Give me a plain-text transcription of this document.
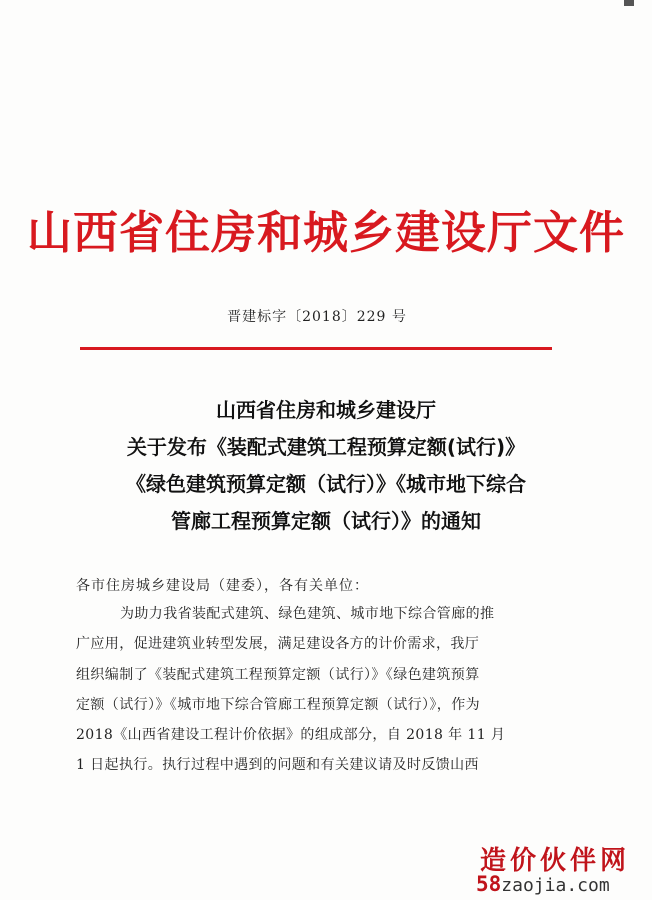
山西省住房和城乡建设厅文件
晋建标字〔2018〕229 号
山西省住房和城乡建设厅
关于发布《装配式建筑工程预算定额(试行)》
《绿色建筑预算定额（试行）》《城市地下综合
管廊工程预算定额（试行）》的通知
各市住房城乡建设局（建委），各有关单位：
为助力我省装配式建筑、绿色建筑、城市地下综合管廊的推
广应用，促进建筑业转型发展，满足建设各方的计价需求，我厅
组织编制了《装配式建筑工程预算定额（试行）》《绿色建筑预算
定额（试行）》《城市地下综合管廊工程预算定额（试行）》，作为
2018《山西省建设工程计价依据》的组成部分，自 2018 年 11 月
1 日起执行。执行过程中遇到的问题和有关建议请及时反馈山西
造价伙伴网
58zaojia.com
